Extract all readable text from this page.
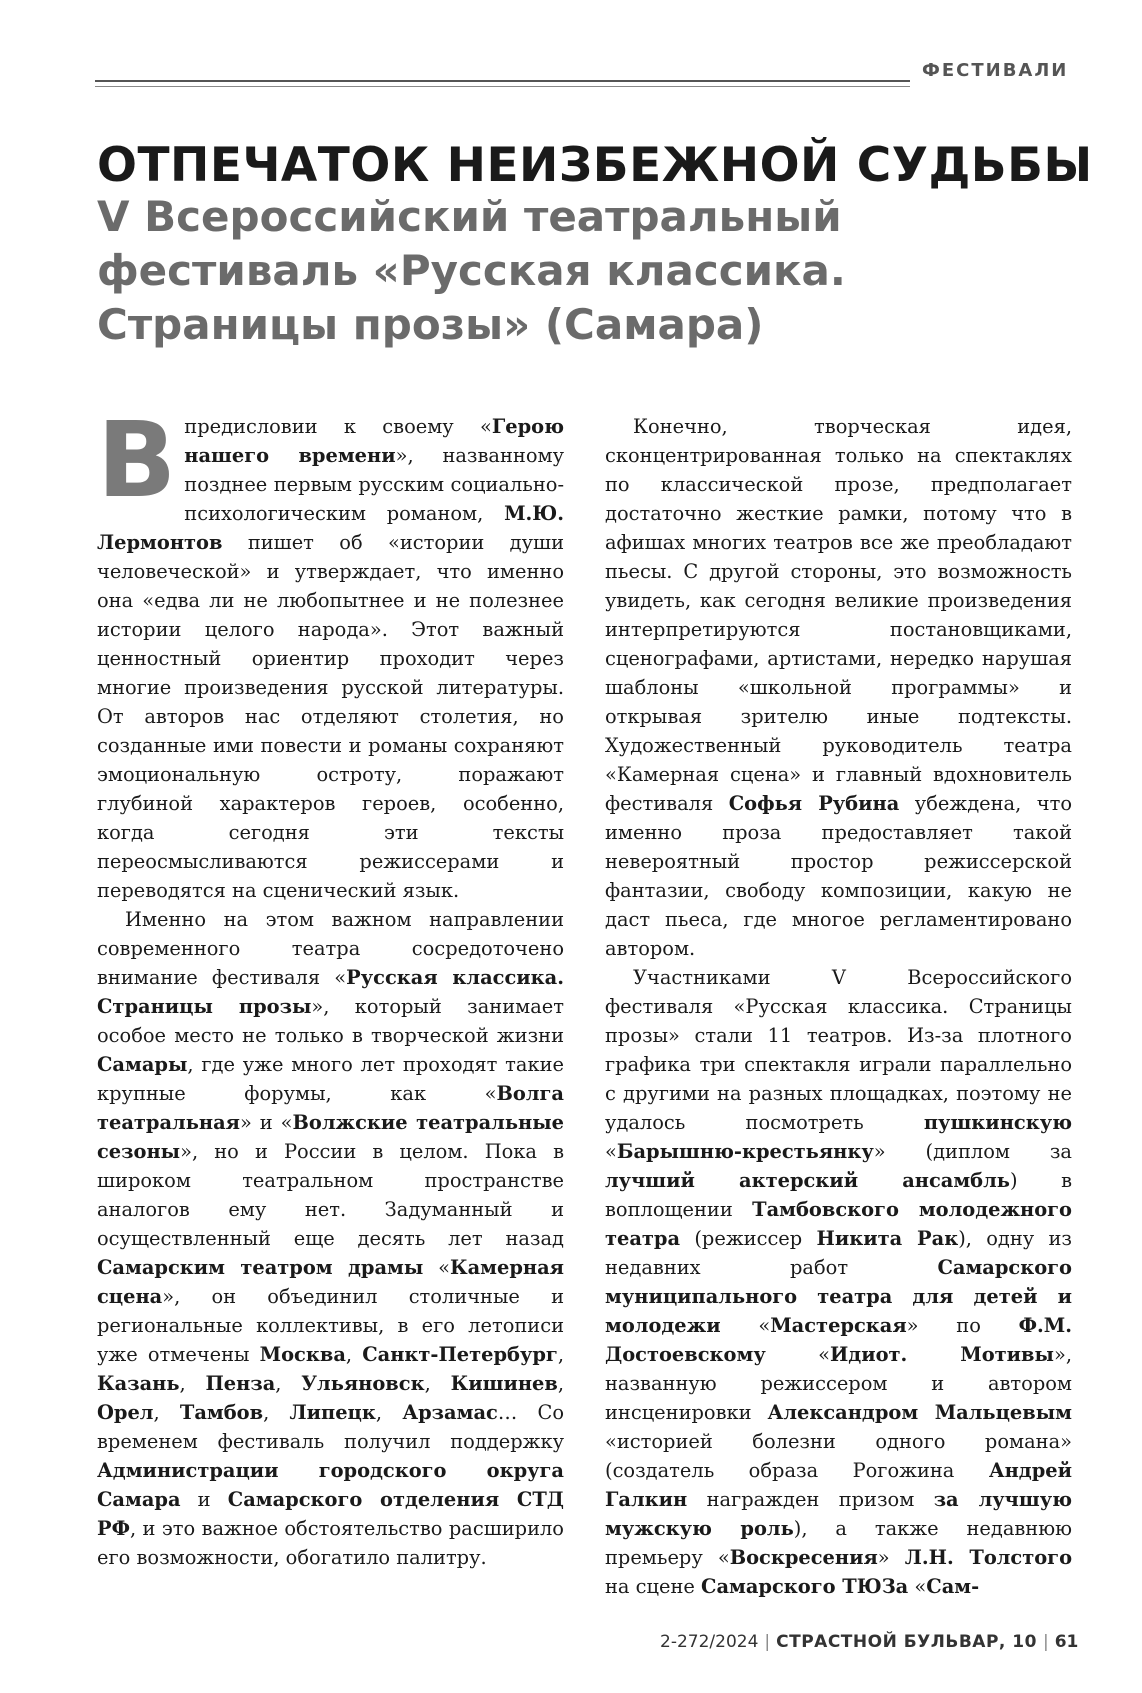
ФЕСТИВАЛИ
ОТПЕЧАТОК НЕИЗБЕЖНОЙ СУДЬБЫ
V Всероссийский театральный фестиваль «Русская классика. Страницы прозы» (Самара)

Впредисловии к своему «Герою нашего времени», названному позднее первым русским социально-психологическим романом, М.Ю. Лермонтов пишет об «истории души человеческой» и утверждает, что именно она «едва ли не любопытнее и не полезнее истории целого народа». Этот важный ценностный ориентир проходит через многие произведения русской литературы. От авторов нас отделяют столетия, но созданные ими повести и романы сохраняют эмоциональную остроту, поражают глубиной характеров героев, особенно, когда сегодня эти тексты переосмысливаются режиссерами и переводятся на сценический язык.

Именно на этом важном направлении современного театра сосредоточено внимание фестиваля «Русская классика. Страницы прозы», который занимает особое место не только в творческой жизни Самары, где уже много лет проходят такие крупные форумы, как «Волга театральная» и «Волжские театральные сезоны», но и России в целом. Пока в широком театральном пространстве аналогов ему нет. Задуманный и осуществленный еще десять лет назад Самарским театром драмы «Камерная сцена», он объединил столичные и региональные коллективы, в его летописи уже отмечены Москва, Санкт-Петербург, Казань, Пенза, Ульяновск, Кишинев, Орел, Тамбов, Липецк, Арзамас… Со временем фестиваль получил поддержку Администрации городского округа Самара и Самарского отделения СТД РФ, и это важное обстоятельство расширило его возможности, обогатило палитру.

Конечно, творческая идея, сконцентрированная только на спектаклях по классической прозе, предполагает достаточно жесткие рамки, потому что в афишах многих театров все же преобладают пьесы. С другой стороны, это возможность увидеть, как сегодня великие произведения интерпретируются постановщиками, сценографами, артистами, нередко нарушая шаблоны «школьной программы» и открывая зрителю иные подтексты. Художественный руководитель театра «Камерная сцена» и главный вдохновитель фестиваля Софья Рубина убеждена, что именно проза предоставляет такой невероятный простор режиссерской фантазии, свободу композиции, какую не даст пьеса, где многое регламентировано автором.

Участниками V Всероссийского фестиваля «Русская классика. Страницы прозы» стали 11 театров. Из-за плотного графика три спектакля играли параллельно с другими на разных площадках, поэтому не удалось посмотреть пушкинскую «Барышню-крестьянку» (диплом за лучший актерский ансамбль) в воплощении Тамбовского молодежного театра (режиссер Никита Рак), одну из недавних работ Самарского муниципального театра для детей и молодежи «Мастерская» по Ф.М. Достоевскому «Идиот. Мотивы», названную режиссером и автором инсценировки Александром Мальцевым «историей болезни одного романа» (создатель образа Рогожина Андрей Галкин награжден призом за лучшую мужскую роль), а также недавнюю премьеру «Воскресения» Л.Н. Толстого на сцене Самарского ТЮЗа «Сам-

2-272/2024 | СТРАСТНОЙ БУЛЬВАР, 10 | 61
